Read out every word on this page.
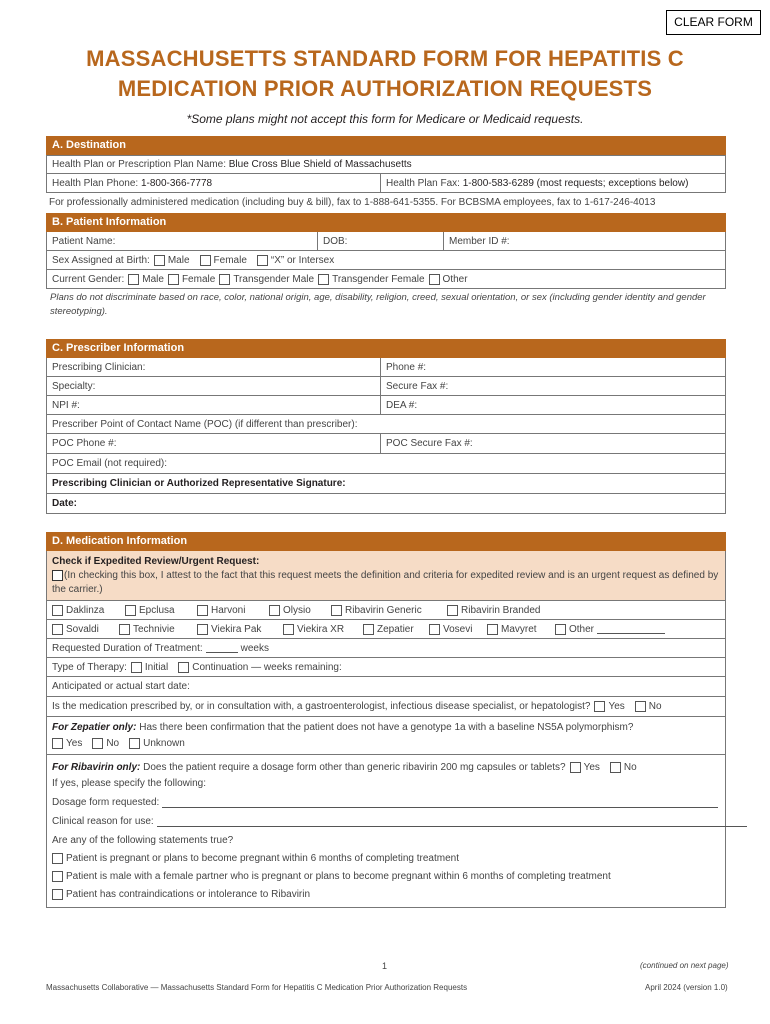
CLEAR FORM
MASSACHUSETTS STANDARD FORM FOR HEPATITIS C
MEDICATION PRIOR AUTHORIZATION REQUESTS
*Some plans might not accept this form for Medicare or Medicaid requests.
A. Destination
Health Plan or Prescription Plan Name:
Blue Cross Blue Shield of Massachusetts
Health Plan Phone:
1-800-366-7778	Health Plan Fax:
1-800-583-6289 (most requests; exceptions below)
For professionally administered medication (including buy & bill), fax to 1-888-641-5355. For BCBSMA employees, fax to 1-617-246-4013
B. Patient Information
Patient Name:	DOB:	Member ID #:
Sex Assigned at Birth: Male Female “X” or Intersex
Current Gender: Male Female Transgender Male Transgender Female Other
Plans do not discriminate based on race, color, national origin, age, disability, religion, creed, sexual orientation, or sex (including gender identity and gender stereotyping).
C. Prescriber Information
Prescribing Clinician:	Phone #:
Specialty:	Secure Fax #:
NPI #:	DEA #:
Prescriber Point of Contact Name (POC) (if different than prescriber):
POC Phone #:	POC Secure Fax #:
POC Email (not required):
Prescribing Clinician or Authorized Representative Signature:
Date:
D. Medication Information
Check if Expedited Review/Urgent Request:
(In checking this box, I attest to the fact that this request meets the definition and criteria for expedited review and is an urgent request as defined by the carrier.)
Daklinza	Epclusa	Harvoni	Olysio	Ribavirin Generic	Ribavirin Branded
Sovaldi	Technivie	Viekira Pak	Viekira XR	Zepatier	Vosevi	Mavyret	Other
Requested Duration of Treatment:	weeks
Type of Therapy: Initial Continuation — weeks remaining:
Anticipated or actual start date:
Is the medication prescribed by, or in consultation with, a gastroenterologist, infectious disease specialist, or hepatologist? Yes No
For Zepatier only: Has there been confirmation that the patient does not have a genotype 1a with a baseline NS5A polymorphism?
Yes No Unknown
For Ribavirin only:
Does the patient require a dosage form other than generic ribavirin 200 mg capsules or tablets? Yes No
If yes, please specify the following:
Dosage form requested:
Clinical reason for use:
Are any of the following statements true?
Patient is pregnant or plans to become pregnant within 6 months of completing treatment
Patient is male with a female partner who is pregnant or plans to become pregnant within 6 months of completing treatment
Patient has contraindications or intolerance to Ribavirin
1	(continued on next page)
Massachusetts Collaborative — Massachusetts Standard Form for Hepatitis C Medication Prior Authorization Requests	April 2024 (version 1.0)
